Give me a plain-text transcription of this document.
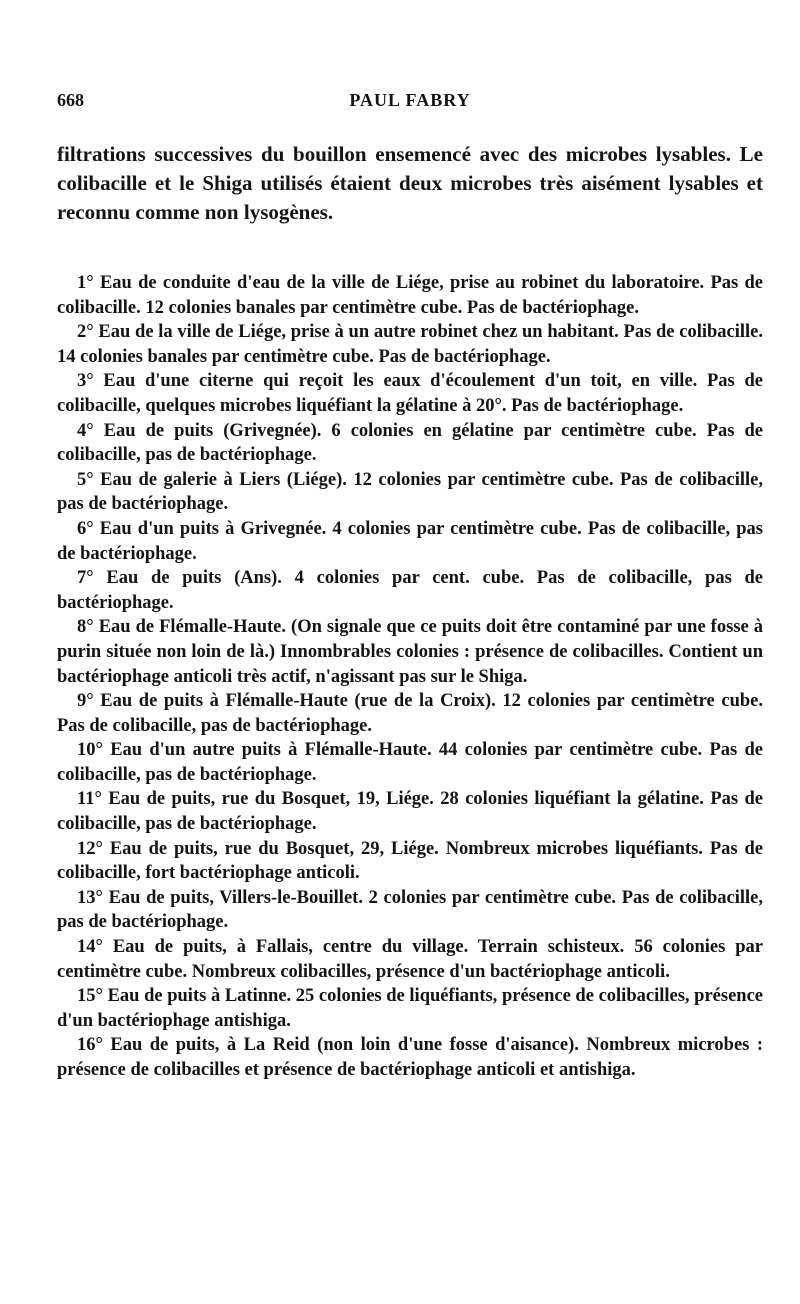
668	PAUL FABRY

filtrations successives du bouillon ensemencé avec des microbes lysables. Le colibacille et le Shiga utilisés étaient deux microbes très aisément lysables et reconnu comme non lysogènes.

1° Eau de conduite d'eau de la ville de Liége, prise au robinet du laboratoire. Pas de colibacille. 12 colonies banales par centimètre cube. Pas de bactériophage.

2° Eau de la ville de Liége, prise à un autre robinet chez un habitant. Pas de colibacille. 14 colonies banales par centimètre cube. Pas de bactériophage.

3° Eau d'une citerne qui reçoit les eaux d'écoulement d'un toit, en ville. Pas de colibacille, quelques microbes liquéfiant la gélatine à 20°. Pas de bactériophage.

4° Eau de puits (Grivegnée). 6 colonies en gélatine par centimètre cube. Pas de colibacille, pas de bactériophage.

5° Eau de galerie à Liers (Liége). 12 colonies par centimètre cube. Pas de colibacille, pas de bactériophage.

6° Eau d'un puits à Grivegnée. 4 colonies par centimètre cube. Pas de colibacille, pas de bactériophage.

7° Eau de puits (Ans). 4 colonies par cent. cube. Pas de colibacille, pas de bactériophage.

8° Eau de Flémalle-Haute. (On signale que ce puits doit être contaminé par une fosse à purin située non loin de là.) Innombrables colonies : présence de colibacilles. Contient un bactériophage anticoli très actif, n'agissant pas sur le Shiga.

9° Eau de puits à Flémalle-Haute (rue de la Croix). 12 colonies par centimètre cube. Pas de colibacille, pas de bactériophage.

10° Eau d'un autre puits à Flémalle-Haute. 44 colonies par centimètre cube. Pas de colibacille, pas de bactériophage.

11° Eau de puits, rue du Bosquet, 19, Liége. 28 colonies liquéfiant la gélatine. Pas de colibacille, pas de bactériophage.

12° Eau de puits, rue du Bosquet, 29, Liége. Nombreux microbes liquéfiants. Pas de colibacille, fort bactériophage anticoli.

13° Eau de puits, Villers-le-Bouillet. 2 colonies par centimètre cube. Pas de colibacille, pas de bactériophage.

14° Eau de puits, à Fallais, centre du village. Terrain schisteux. 56 colonies par centimètre cube. Nombreux colibacilles, présence d'un bactériophage anticoli.

15° Eau de puits à Latinne. 25 colonies de liquéfiants, présence de colibacilles, présence d'un bactériophage antishiga.

16° Eau de puits, à La Reid (non loin d'une fosse d'aisance). Nombreux microbes : présence de colibacilles et présence de bactériophage anticoli et antishiga.
